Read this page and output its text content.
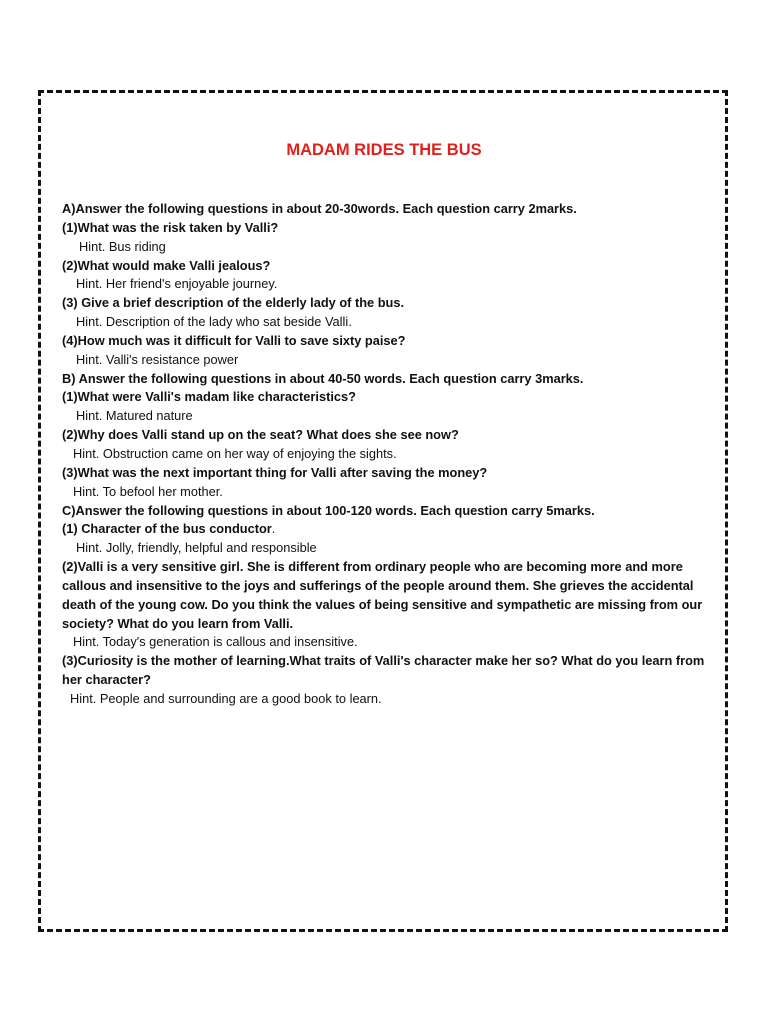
MADAM RIDES THE BUS
A)Answer the following questions in about 20-30words. Each question carry 2marks.
(1)What was the risk taken by Valli?
Hint. Bus riding
(2)What would make Valli jealous?
Hint. Her friend's enjoyable journey.
(3) Give a brief description of the elderly lady of the bus.
Hint. Description of the lady who sat beside Valli.
(4)How much was it difficult for Valli to save sixty paise?
Hint. Valli's resistance power
B) Answer the following questions in about 40-50 words. Each question carry 3marks.
(1)What were Valli's madam like characteristics?
Hint. Matured nature
(2)Why does Valli stand up on the seat? What does she see now?
Hint. Obstruction came on her way of enjoying the sights.
(3)What was the next important thing for Valli after saving the money?
Hint. To befool her mother.
C)Answer the following questions in about 100-120 words. Each question carry 5marks.
(1) Character of the bus conductor.
Hint. Jolly, friendly, helpful and responsible
(2)Valli is a very sensitive girl. She is different from ordinary people who are becoming more and more callous and insensitive to the joys and sufferings of the people around them. She grieves the accidental death of the young cow. Do you think the values of being sensitive and sympathetic are missing from our society? What do you learn from Valli.
Hint. Today's generation is callous and insensitive.
(3)Curiosity is the mother of learning.What traits of Valli's character make her so? What do you learn from her character?
Hint. People and surrounding are a good book to learn.
